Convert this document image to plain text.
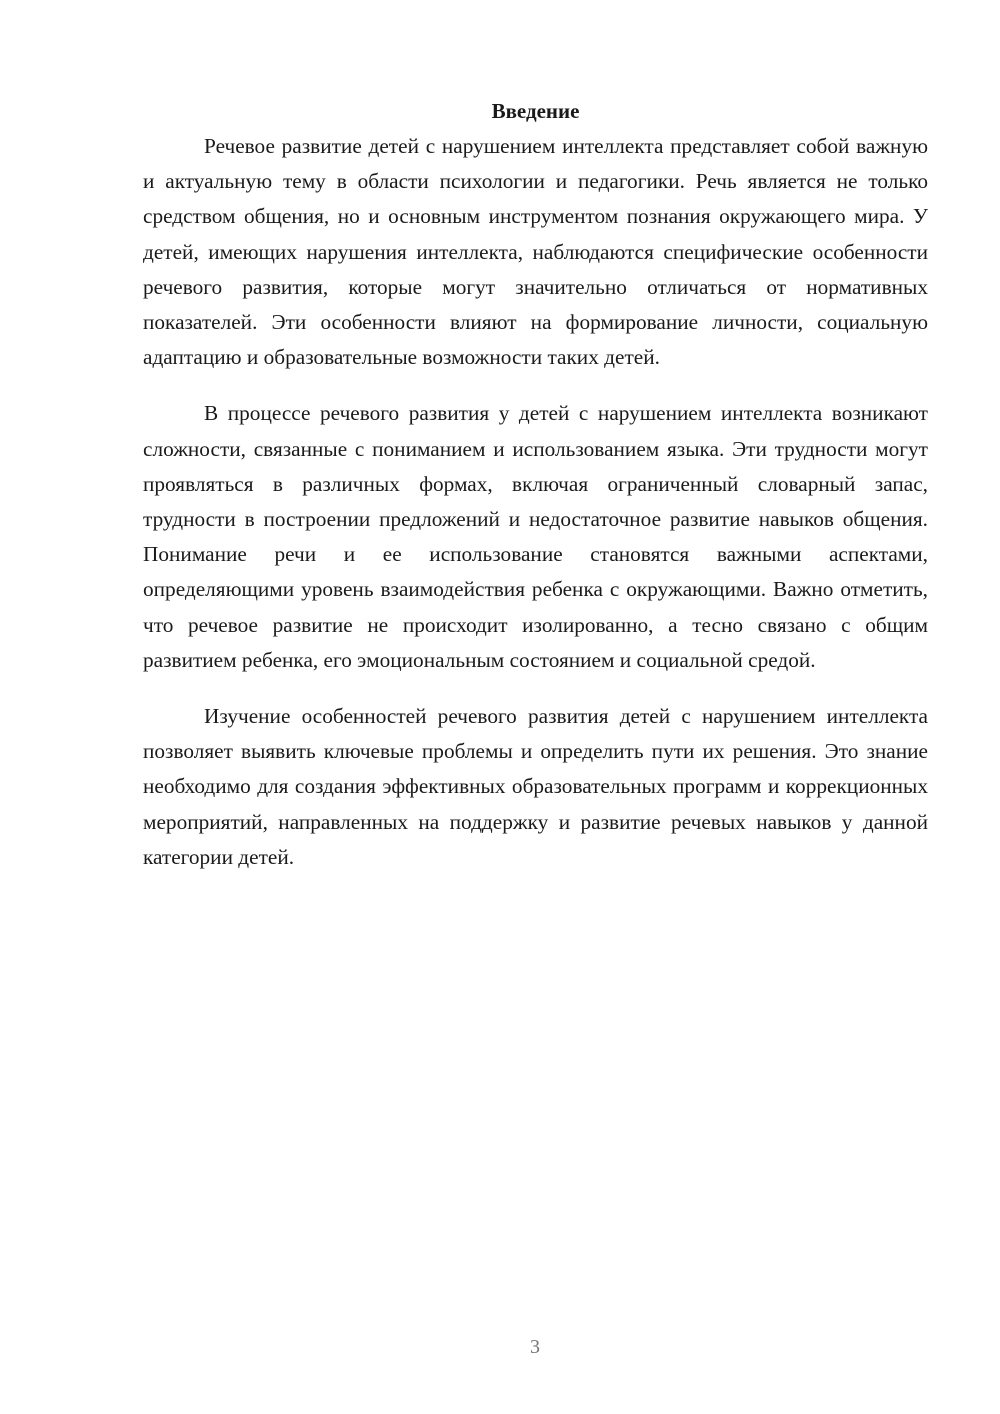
Введение

Речевое развитие детей с нарушением интеллекта представляет собой важную и актуальную тему в области психологии и педагогики. Речь является не только средством общения, но и основным инструментом познания окружающего мира. У детей, имеющих нарушения интеллекта, наблюдаются специфические особенности речевого развития, которые могут значительно отличаться от нормативных показателей. Эти особенности влияют на формирование личности, социальную адаптацию и образовательные возможности таких детей.

В процессе речевого развития у детей с нарушением интеллекта возникают сложности, связанные с пониманием и использованием языка. Эти трудности могут проявляться в различных формах, включая ограниченный словарный запас, трудности в построении предложений и недостаточное развитие навыков общения. Понимание речи и ее использование становятся важными аспектами, определяющими уровень взаимодействия ребенка с окружающими. Важно отметить, что речевое развитие не происходит изолированно, а тесно связано с общим развитием ребенка, его эмоциональным состоянием и социальной средой.

Изучение особенностей речевого развития детей с нарушением интеллекта позволяет выявить ключевые проблемы и определить пути их решения. Это знание необходимо для создания эффективных образовательных программ и коррекционных мероприятий, направленных на поддержку и развитие речевых навыков у данной категории детей.

3
